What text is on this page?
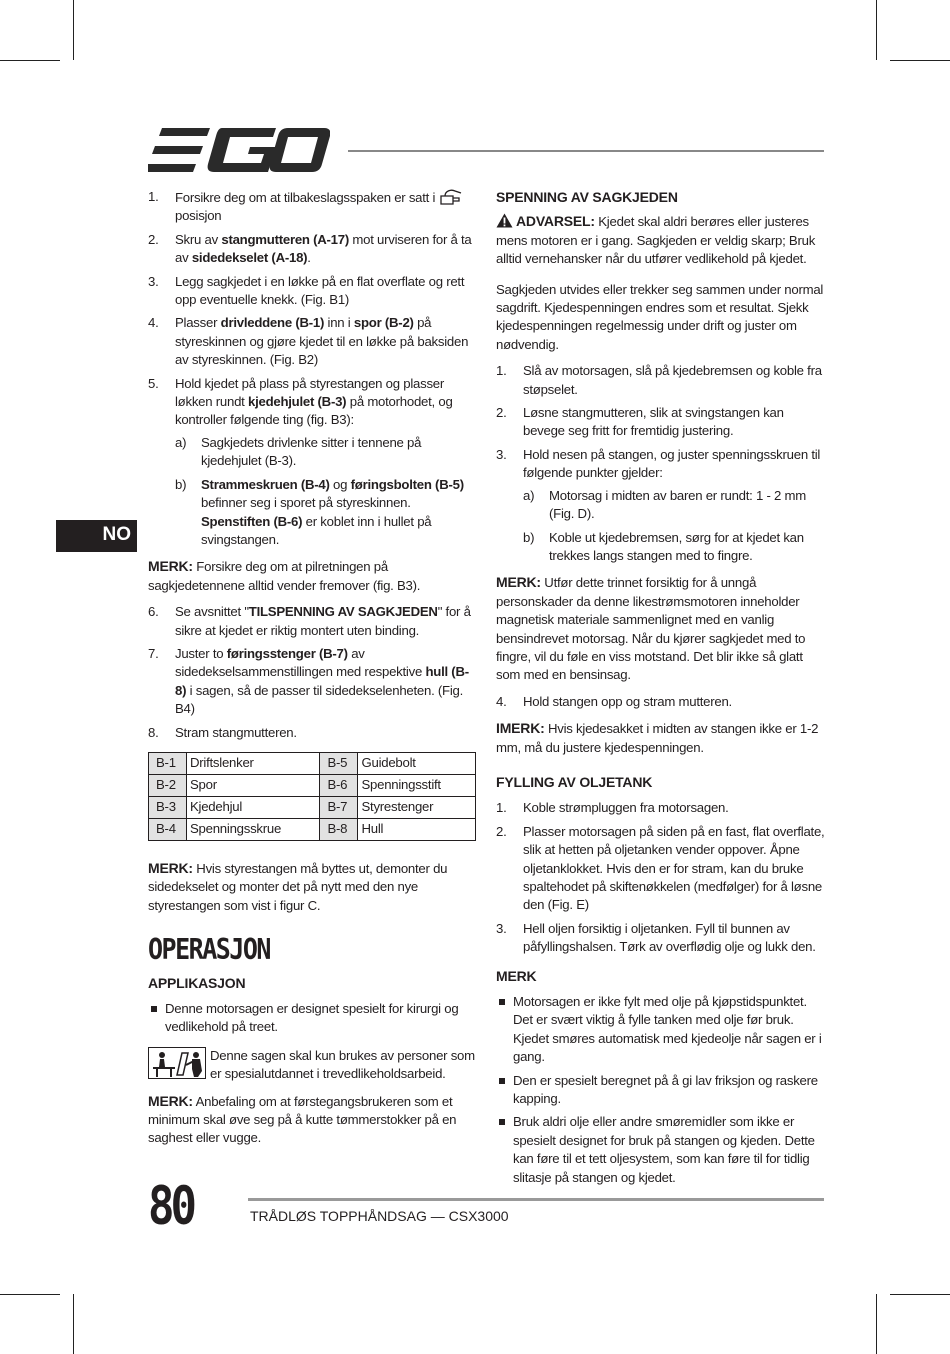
NO
1. Forsikre deg om at tilbakeslagsspaken er satt i  posisjon
2. Skru av stangmutteren (A-17) mot urviseren for å ta av sidedekselet (A-18).
3. Legg sagkjedet i en løkke på en flat overflate og rett opp eventuelle knekk. (Fig. B1)
4. Plasser drivleddene (B-1) inn i spor (B-2) på styreskinnen og gjøre kjedet til en løkke på baksiden av styreskinnen. (Fig. B2)
5. Hold kjedet på plass på styrestangen og plasser løkken rundt kjedehjulet (B-3) på motorhodet, og kontroller følgende ting (fig. B3):
a) Sagkjedets drivlenke sitter i tennene på kjedehjulet (B-3).
b) Strammeskruen (B-4) og føringsbolten (B-5) befinner seg i sporet på styreskinnen. Spenstiften (B-6) er koblet inn i hullet på svingstangen.

MERK: Forsikre deg om at pilretningen på sagkjedetennene alltid vender fremover (fig. B3).

6. Se avsnittet "TILSPENNING AV SAGKJEDEN" for å sikre at kjedet er riktig montert uten binding.
7. Juster to føringsstenger (B-7) av sidedekselsammenstillingen med respektive hull (B-8) i sagen, så de passer til sidedekselenheten. (Fig. B4)
8. Stram stangmutteren.
B-1	Driftslenker	B-5	Guidebolt
B-2	Spor	B-6	Spenningsstift
B-3	Kjedehjul	B-7	Styrestenger
B-4	Spenningsskrue	B-8	Hull

MERK: Hvis styrestangen må byttes ut, demonter du sidedekselet og monter det på nytt med den nye styrestangen som vist i figur C.

OPERASJON
APPLIKASJON
Denne motorsagen er designet spesielt for kirurgi og vedlikehold på treet.
Denne sagen skal kun brukes av personer som er spesialutdannet i trevedlikeholdsarbeid.

MERK: Anbefaling om at førstegangsbrukeren som et minimum skal øve seg på å kutte tømmerstokker på en saghest eller vugge.

SPENNING AV SAGKJEDEN

ADVARSEL: Kjedet skal aldri berøres eller justeres mens motoren er i gang. Sagkjeden er veldig skarp; Bruk alltid vernehansker når du utfører vedlikehold på kjedet.

Sagkjeden utvides eller trekker seg sammen under normal sagdrift. Kjedespenningen endres som et resultat. Sjekk kjedespenningen regelmessig under drift og juster om nødvendig.

1. Slå av motorsagen, slå på kjedebremsen og koble fra støpselet.
2. Løsne stangmutteren, slik at svingstangen kan bevege seg fritt for fremtidig justering.
3. Hold nesen på stangen, og juster spenningsskruen til følgende punkter gjelder:
a) Motorsag i midten av baren er rundt: 1 - 2 mm (Fig. D).
b) Koble ut kjedebremsen, sørg for at kjedet kan trekkes langs stangen med to fingre.

MERK: Utfør dette trinnet forsiktig for å unngå personskader da denne likestrømsmotoren inneholder magnetisk materiale sammenlignet med en vanlig bensindrevet motorsag. Når du kjører sagkjedet med to fingre, vil du føle en viss motstand. Det blir ikke så glatt som med en bensinsag.

4. Hold stangen opp og stram mutteren.

IMERK: Hvis kjedesakket i midten av stangen ikke er 1-2 mm, må du justere kjedespenningen.

FYLLING AV OLJETANK
1. Koble strømpluggen fra motorsagen.
2. Plasser motorsagen på siden på en fast, flat overflate, slik at hetten på oljetanken vender oppover. Åpne oljetanklokket. Hvis den er for stram, kan du bruke spaltehodet på skiftenøkkelen (medfølger) for å løsne den (Fig. E)
3. Hell oljen forsiktig i oljetanken. Fyll til bunnen av påfyllingshalsen. Tørk av overflødig olje og lukk den.
MERK
Motorsagen er ikke fylt med olje på kjøpstidspunktet. Det er svært viktig å fylle tanken med olje før bruk. Kjedet smøres automatisk med kjedeolje når sagen er i gang.
Den er spesielt beregnet på å gi lav friksjon og raskere kapping.
Bruk aldri olje eller andre smøremidler som ikke er spesielt designet for bruk på stangen og kjeden. Dette kan føre til et tett oljesystem, som kan føre til for tidlig slitasje på stangen og kjedet.
80	TRÅDLØS TOPPHÅNDSAG — CSX3000
